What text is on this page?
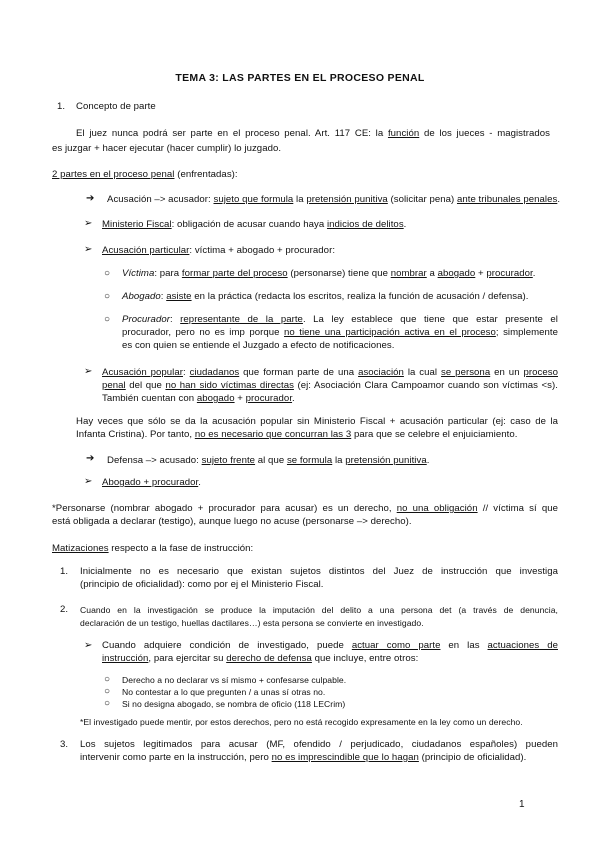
TEMA 3: LAS PARTES EN EL PROCESO PENAL
1. Concepto de parte
El juez nunca podrá ser parte en el proceso penal. Art. 117 CE: la función de los jueces - magistrados
es juzgar + hacer ejecutar (hacer cumplir) lo juzgado.
2 partes en el proceso penal (enfrentadas):
➔ Acusación –> acusador: sujeto que formula la pretensión punitiva (solicitar pena) ante tribunales penales.
➢ Ministerio Fiscal: obligación de acusar cuando haya indicios de delitos.
➢ Acusación particular: víctima + abogado + procurador:
○ Víctima: para formar parte del proceso (personarse) tiene que nombrar a abogado + procurador.
○ Abogado: asiste en la práctica (redacta los escritos, realiza la función de acusación / defensa).
○ Procurador: representante de la parte. La ley establece que tiene que estar presente el
procurador, pero no es imp porque no tiene una participación activa en el proceso; simplemente
es con quien se entiende el Juzgado a efecto de notificaciones.
➢ Acusación popular: ciudadanos que forman parte de una asociación la cual se persona en un proceso
penal del que no han sido víctimas directas (ej: Asociación Clara Campoamor cuando son víctimas <s).
También cuentan con abogado + procurador.
Hay veces que sólo se da la acusación popular sin Ministerio Fiscal + acusación particular (ej: caso de la
Infanta Cristina). Por tanto, no es necesario que concurran las 3 para que se celebre el enjuiciamiento.
➔ Defensa –> acusado: sujeto frente al que se formula la pretensión punitiva.
➢ Abogado + procurador.
*Personarse (nombrar abogado + procurador para acusar) es un derecho, no una obligación // víctima sí que
está obligada a declarar (testigo), aunque luego no acuse (personarse –> derecho).
Matizaciones respecto a la fase de instrucción:
1. Inicialmente no es necesario que existan sujetos distintos del Juez de instrucción que investiga
(principio de oficialidad): como por ej el Ministerio Fiscal.
2. Cuando en la investigación se produce la imputación del delito a una persona det (a través de denuncia,
declaración de un testigo, huellas dactilares…) esta persona se convierte en investigado.
➢ Cuando adquiere condición de investigado, puede actuar como parte en las actuaciones de
instrucción, para ejercitar su derecho de defensa que incluye, entre otros:
○ Derecho a no declarar vs sí mismo + confesarse culpable.
○ No contestar a lo que pregunten / a unas sí otras no.
○ Si no designa abogado, se nombra de oficio (118 LECrim)
*El investigado puede mentir, por estos derechos, pero no está recogido expresamente en la ley como un derecho.
3. Los sujetos legitimados para acusar (MF, ofendido / perjudicado, ciudadanos españoles) pueden
intervenir como parte en la instrucción, pero no es imprescindible que lo hagan (principio de oficialidad).
1
